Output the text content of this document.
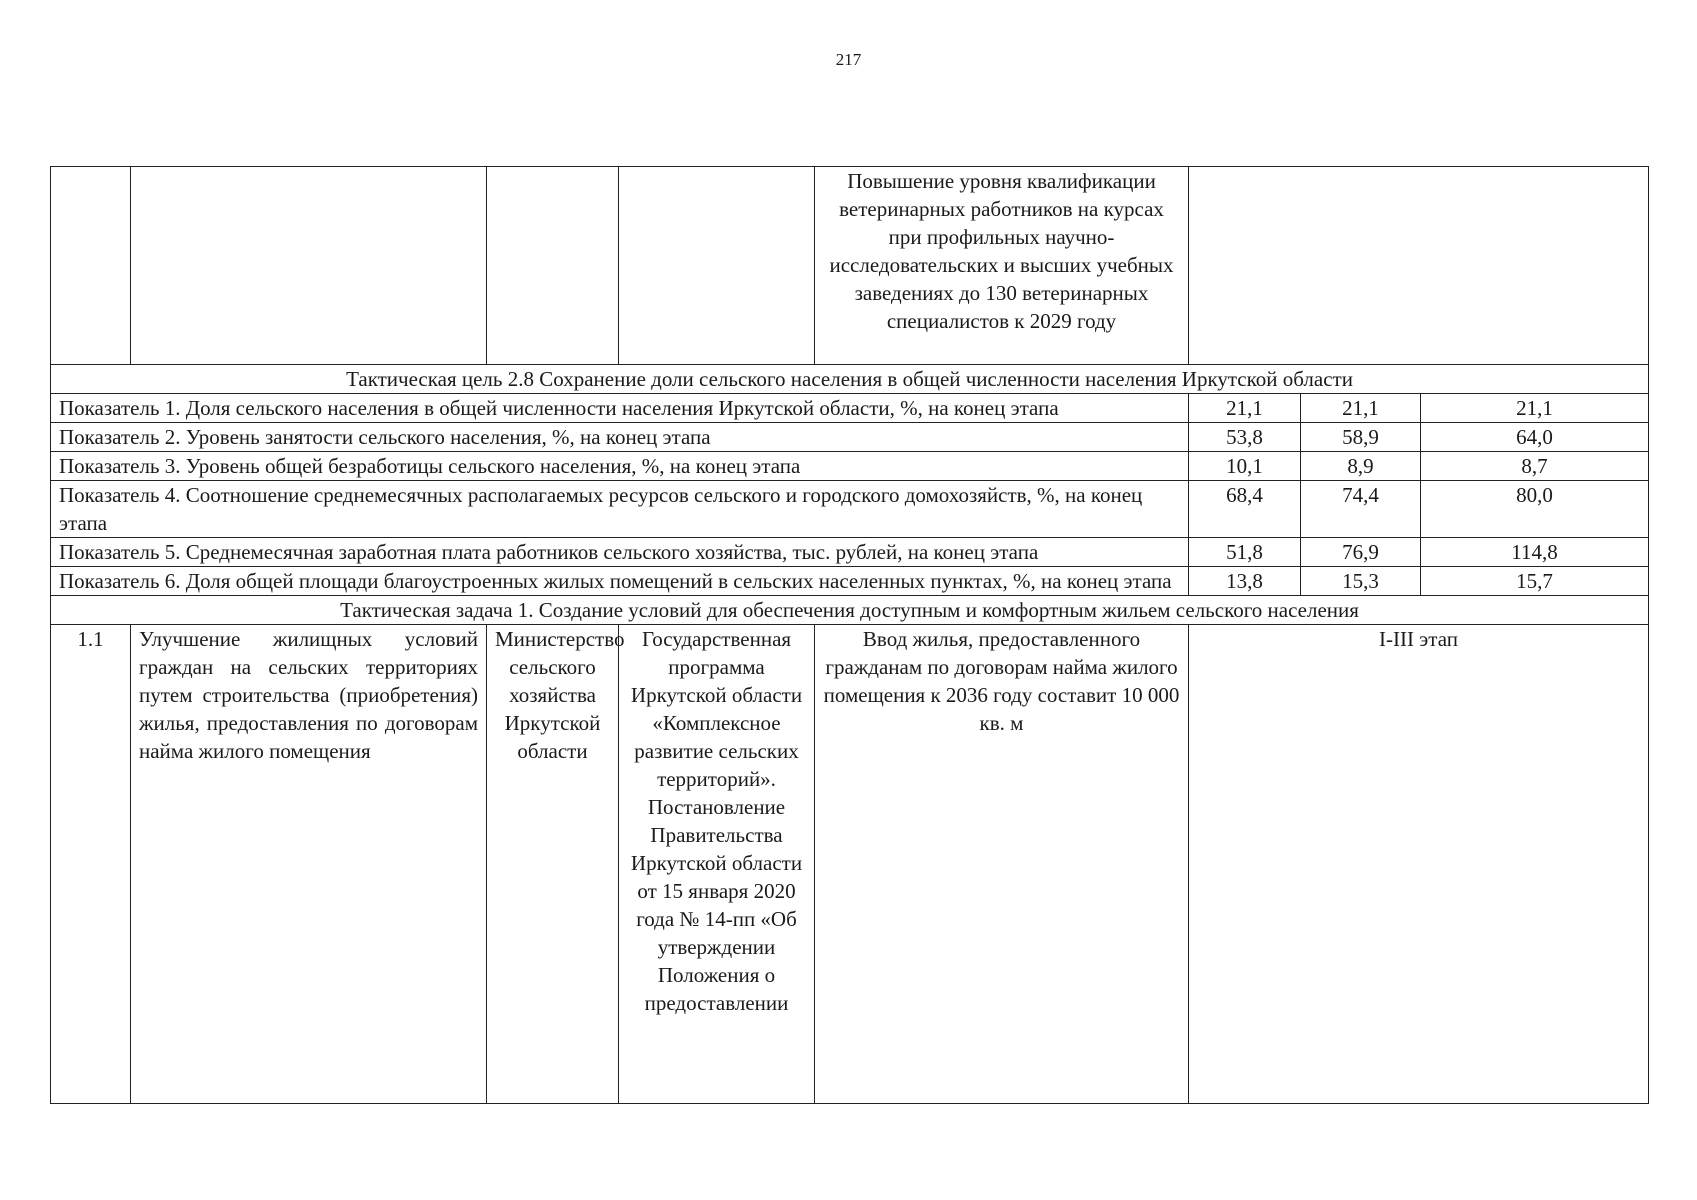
217
				Повышение уровня квалификации ветеринарных работников на курсах при профильных научно-исследовательских и высших учебных заведениях до 130 ветеринарных специалистов к 2029 году			
Тактическая цель 2.8 Сохранение доли сельского населения в общей численности населения Иркутской области							
Показатель 1. Доля сельского населения в общей численности населения Иркутской области, %, на конец этапа					21,1	21,1	21,1
Показатель 2. Уровень занятости сельского населения, %, на конец этапа					53,8	58,9	64,0
Показатель 3. Уровень общей безработицы сельского населения, %, на конец этапа					10,1	8,9	8,7
Показатель 4. Соотношение среднемесячных располагаемых ресурсов сельского и городского домохозяйств, %, на конец этапа					68,4	74,4	80,0
Показатель 5. Среднемесячная заработная плата работников сельского хозяйства, тыс. рублей, на конец этапа					51,8	76,9	114,8
Показатель 6. Доля общей площади благоустроенных жилых помещений в сельских населенных пунктах, %, на конец этапа					13,8	15,3	15,7
Тактическая задача 1. Создание условий для обеспечения доступным и комфортным жильем сельского населения							
1.1	Улучшение жилищных условий граждан на сельских территориях путем строительства (приобретения) жилья, предоставления по договорам найма жилого помещения	Министерство сельского хозяйства Иркутской области	Государственная программа Иркутской области «Комплексное развитие сельских территорий». Постановление Правительства Иркутской области от 15 января 2020 года № 14-пп «Об утверждении Положения о предоставлении	Ввод жилья, предоставленного гражданам по договорам найма жилого помещения к 2036 году составит 10 000 кв. м	I-III этап		
